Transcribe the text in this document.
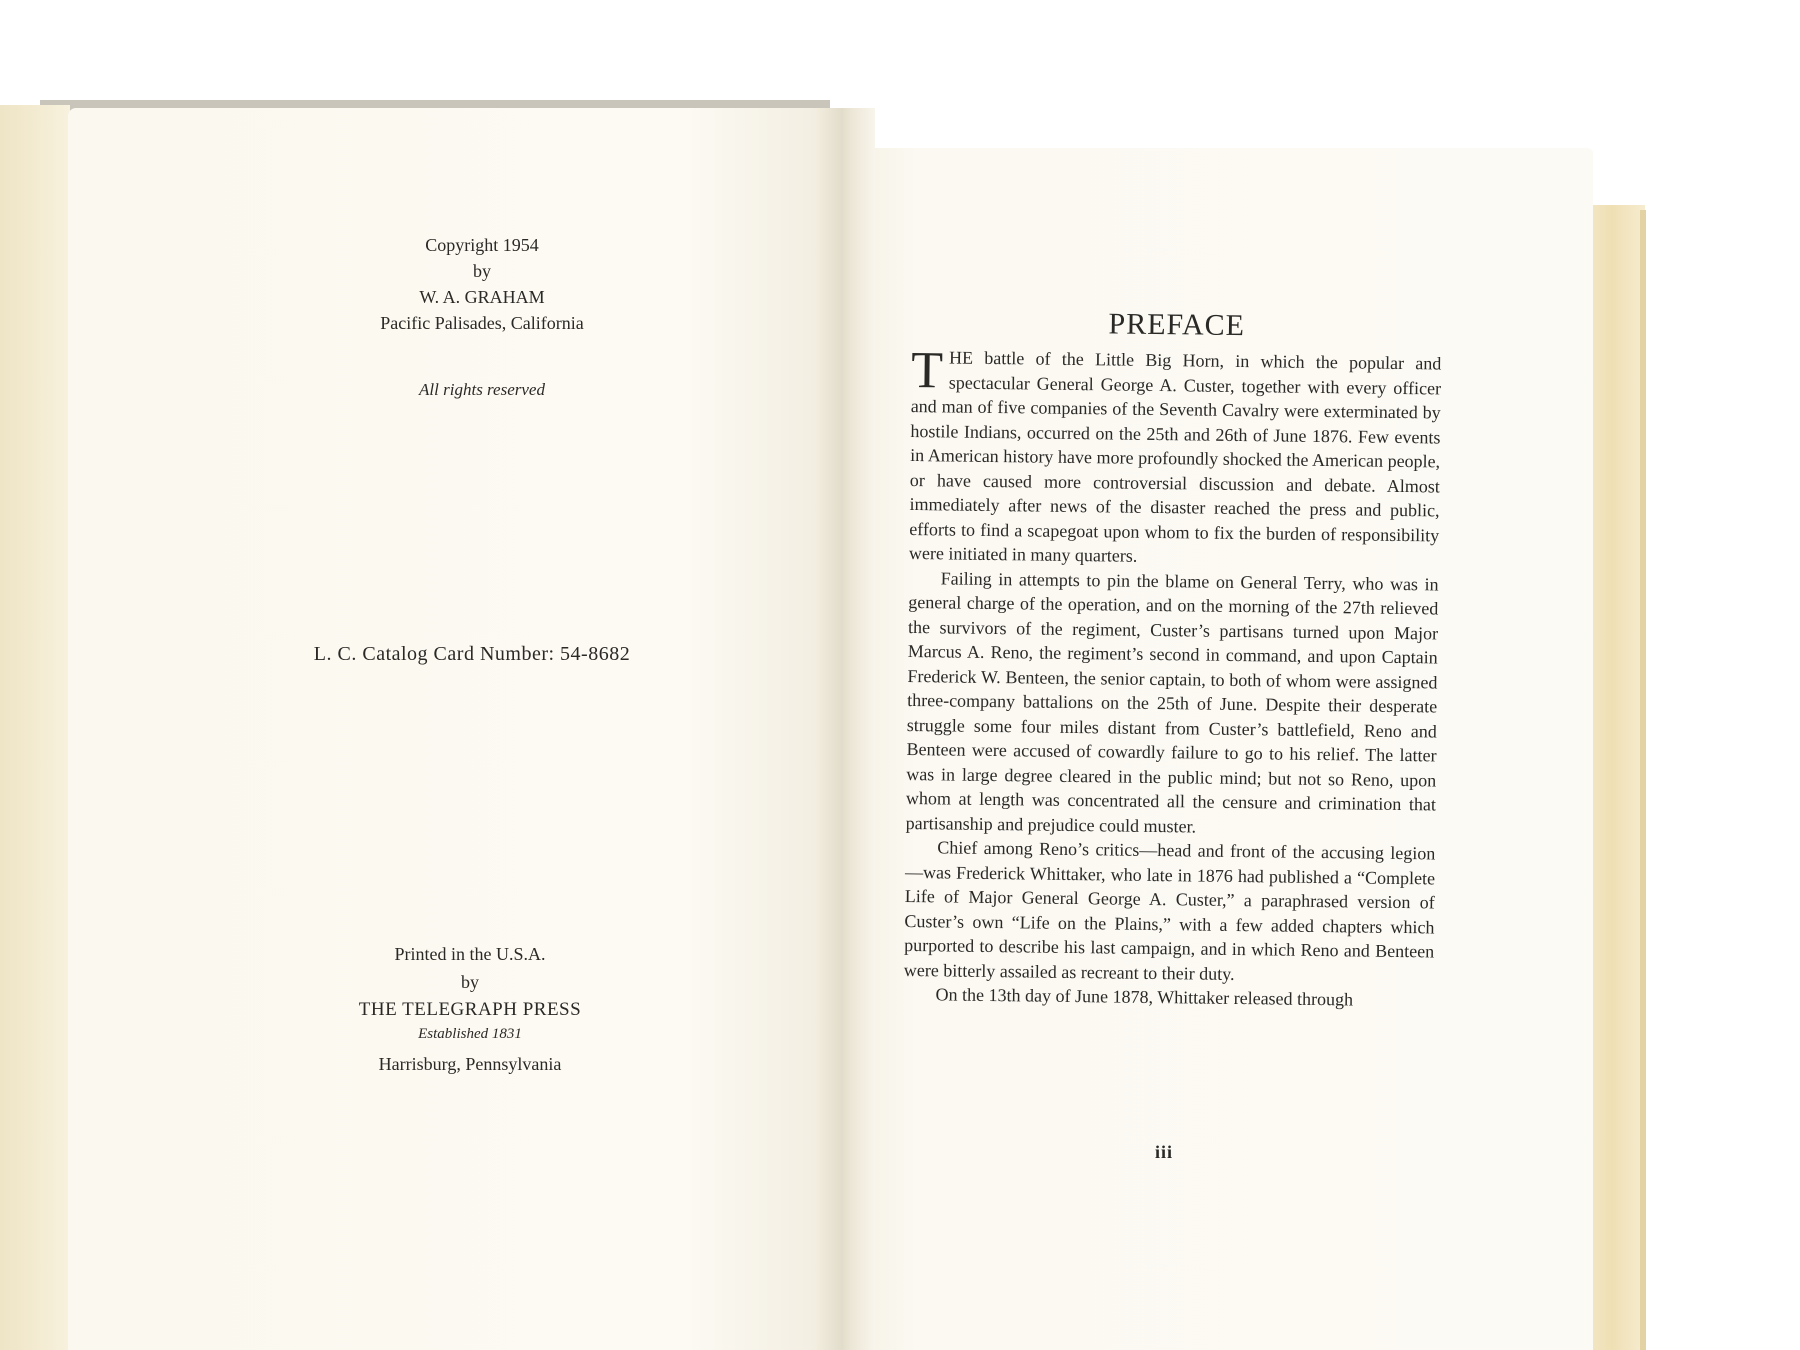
Copyright 1954
by
W. A. GRAHAM
Pacific Palisades, California
All rights reserved
L. C. Catalog Card Number: 54-8682
Printed in the U.S.A.
by
THE TELEGRAPH PRESS
Established 1831
Harrisburg, Pennsylvania
PREFACE

THE battle of the Little Big Horn, in which the popular and spectacular General George A. Custer, together with every officer and man of five companies of the Seventh Cavalry were exterminated by hostile Indians, occurred on the 25th and 26th of June 1876. Few events in American history have more profoundly shocked the American people, or have caused more controversial discussion and debate. Almost immediately after news of the disaster reached the press and public, efforts to find a scapegoat upon whom to fix the burden of responsibility were initiated in many quarters.

Failing in attempts to pin the blame on General Terry, who was in general charge of the operation, and on the morning of the 27th relieved the survivors of the regiment, Custer’s partisans turned upon Major Marcus A. Reno, the regiment’s second in command, and upon Captain Frederick W. Benteen, the senior captain, to both of whom were assigned three-company battalions on the 25th of June. Despite their desperate struggle some four miles distant from Custer’s battlefield, Reno and Benteen were accused of cowardly failure to go to his relief. The latter was in large degree cleared in the public mind; but not so Reno, upon whom at length was concentrated all the censure and crimination that partisanship and prejudice could muster.

Chief among Reno’s critics—head and front of the accusing legion—was Frederick Whittaker, who late in 1876 had published a “Complete Life of Major General George A. Custer,” a paraphrased version of Custer’s own “Life on the Plains,” with a few added chapters which purported to describe his last campaign, and in which Reno and Benteen were bitterly assailed as recreant to their duty.

On the 13th day of June 1878, Whittaker released through

iii
